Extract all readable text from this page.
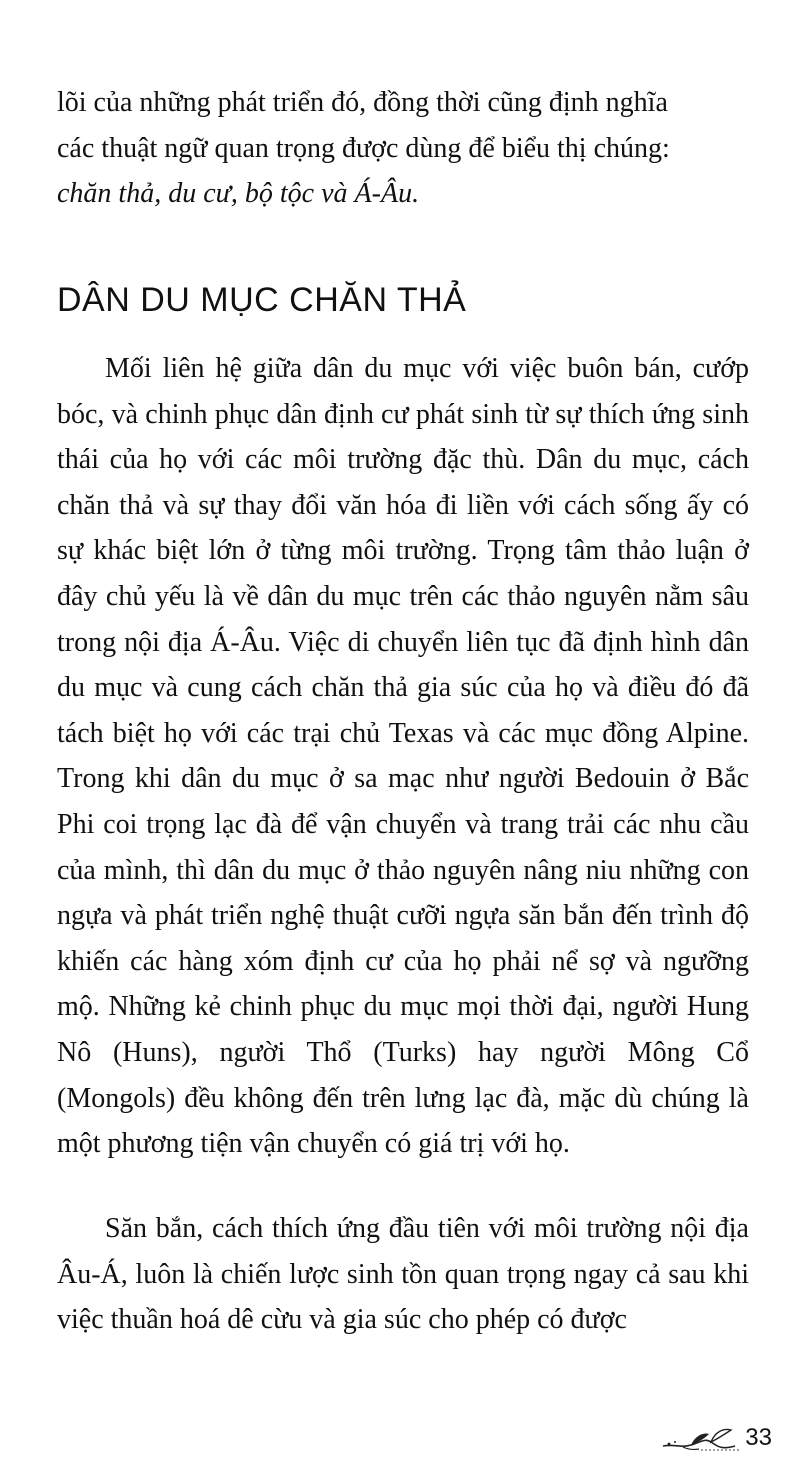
lõi của những phát triển đó, đồng thời cũng định nghĩa
các thuật ngữ quan trọng được dùng để biểu thị chúng:
chăn thả, du cư, bộ tộc và Á-Âu.
DÂN DU MỤC CHĂN THẢ

Mối liên hệ giữa dân du mục với việc buôn bán, cướp bóc, và chinh phục dân định cư phát sinh từ sự thích ứng sinh thái của họ với các môi trường đặc thù. Dân du mục, cách chăn thả và sự thay đổi văn hóa đi liền với cách sống ấy có sự khác biệt lớn ở từng môi trường. Trọng tâm thảo luận ở đây chủ yếu là về dân du mục trên các thảo nguyên nằm sâu trong nội địa Á-Âu. Việc di chuyển liên tục đã định hình dân du mục và cung cách chăn thả gia súc của họ và điều đó đã tách biệt họ với các trại chủ Texas và các mục đồng Alpine. Trong khi dân du mục ở sa mạc như người Bedouin ở Bắc Phi coi trọng lạc đà để vận chuyển và trang trải các nhu cầu của mình, thì dân du mục ở thảo nguyên nâng niu những con ngựa và phát triển nghệ thuật cưỡi ngựa săn bắn đến trình độ khiến các hàng xóm định cư của họ phải nể sợ và ngưỡng mộ. Những kẻ chinh phục du mục mọi thời đại, người Hung Nô (Huns), người Thổ (Turks) hay người Mông Cổ (Mongols) đều không đến trên lưng lạc đà, mặc dù chúng là một phương tiện vận chuyển có giá trị với họ.

Săn bắn, cách thích ứng đầu tiên với môi trường nội địa Âu-Á, luôn là chiến lược sinh tồn quan trọng ngay cả sau khi việc thuần hoá dê cừu và gia súc cho phép có được

33
